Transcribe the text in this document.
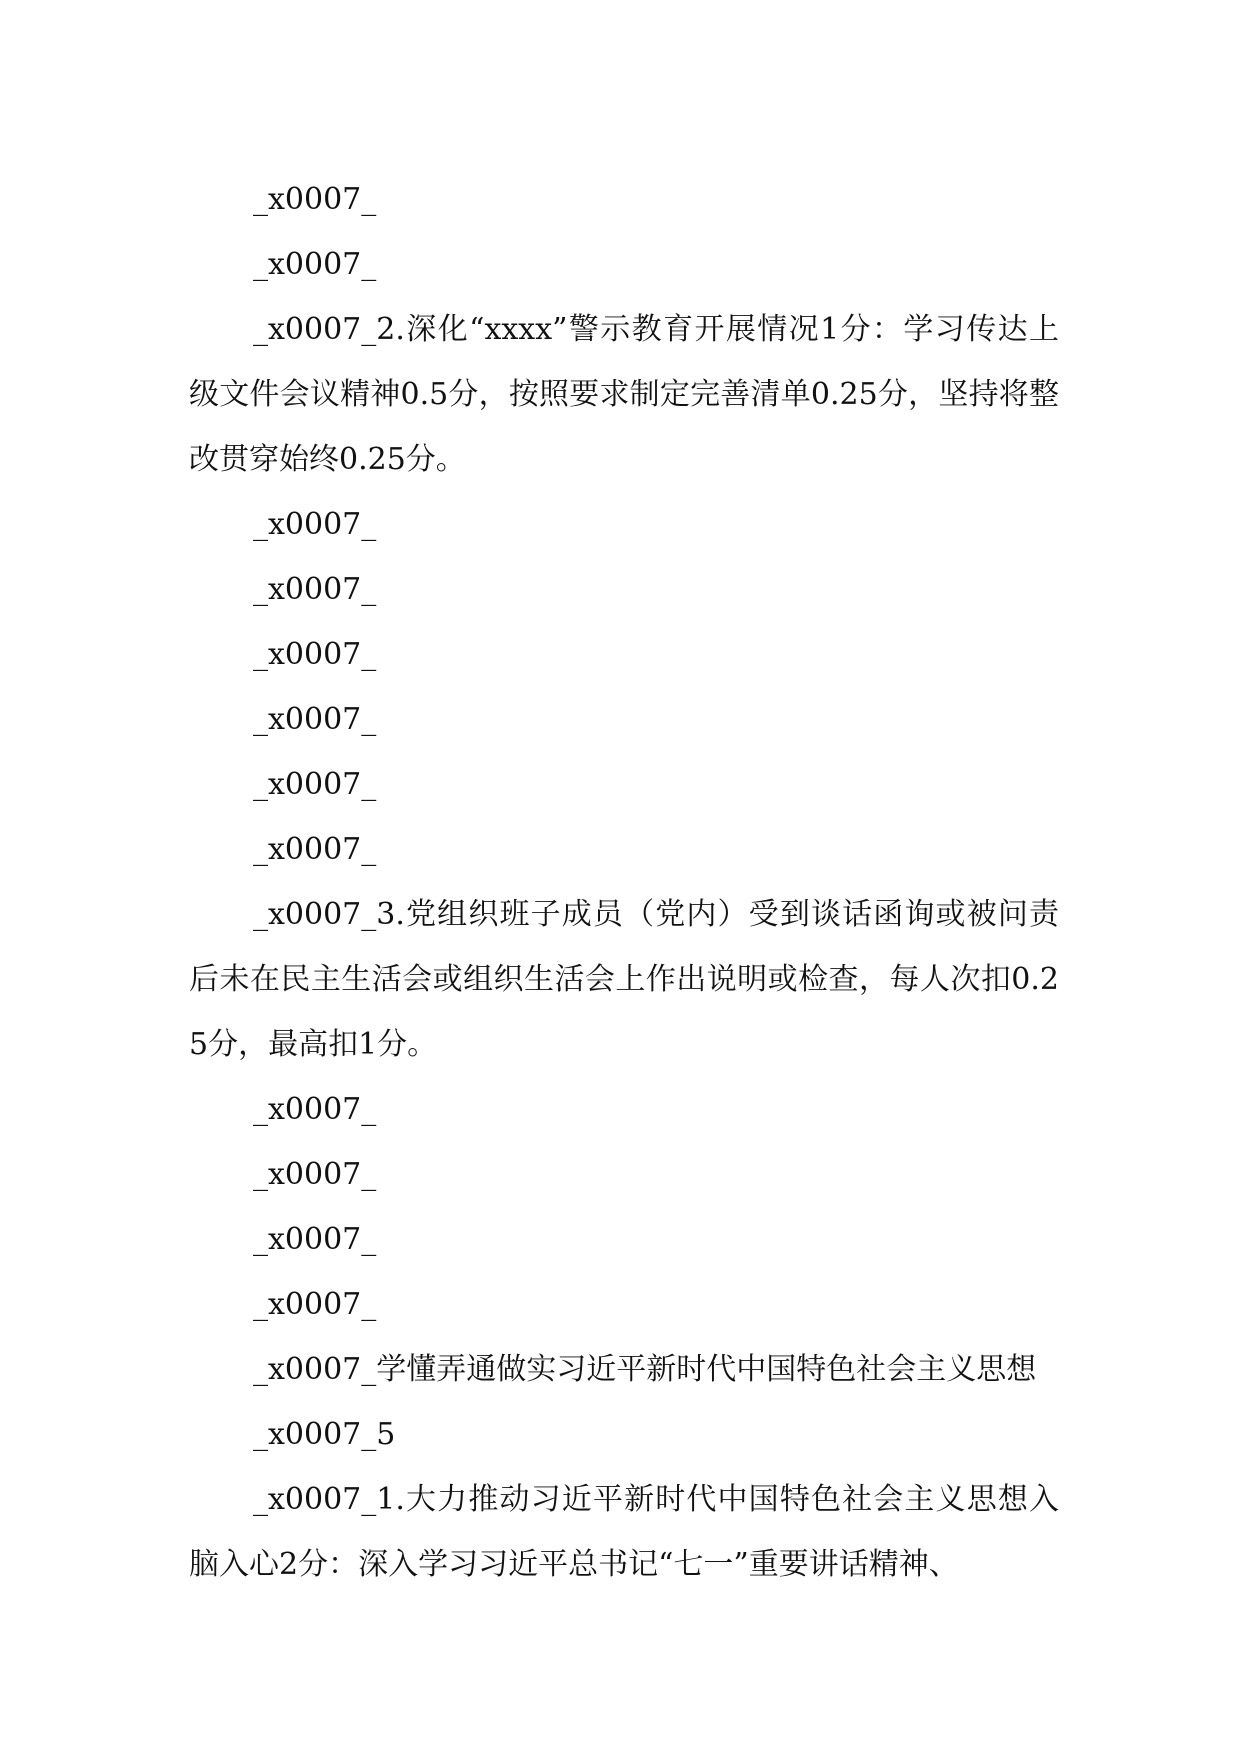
_x0007_

_x0007_

_x0007_2.深化“xxxx”警示教育开展情况1分：学习传达上级文件会议精神0.5分，按照要求制定完善清单0.25分，坚持将整改贯穿始终0.25分。

_x0007_

_x0007_

_x0007_

_x0007_

_x0007_

_x0007_

_x0007_3.党组织班子成员（党内）受到谈话函询或被问责后未在民主生活会或组织生活会上作出说明或检查，每人次扣0.25分，最高扣1分。

_x0007_

_x0007_

_x0007_

_x0007_

_x0007_学懂弄通做实习近平新时代中国特色社会主义思想

_x0007_5

_x0007_1.大力推动习近平新时代中国特色社会主义思想入脑入心2分：深入学习习近平总书记“七一”重要讲话精神、
